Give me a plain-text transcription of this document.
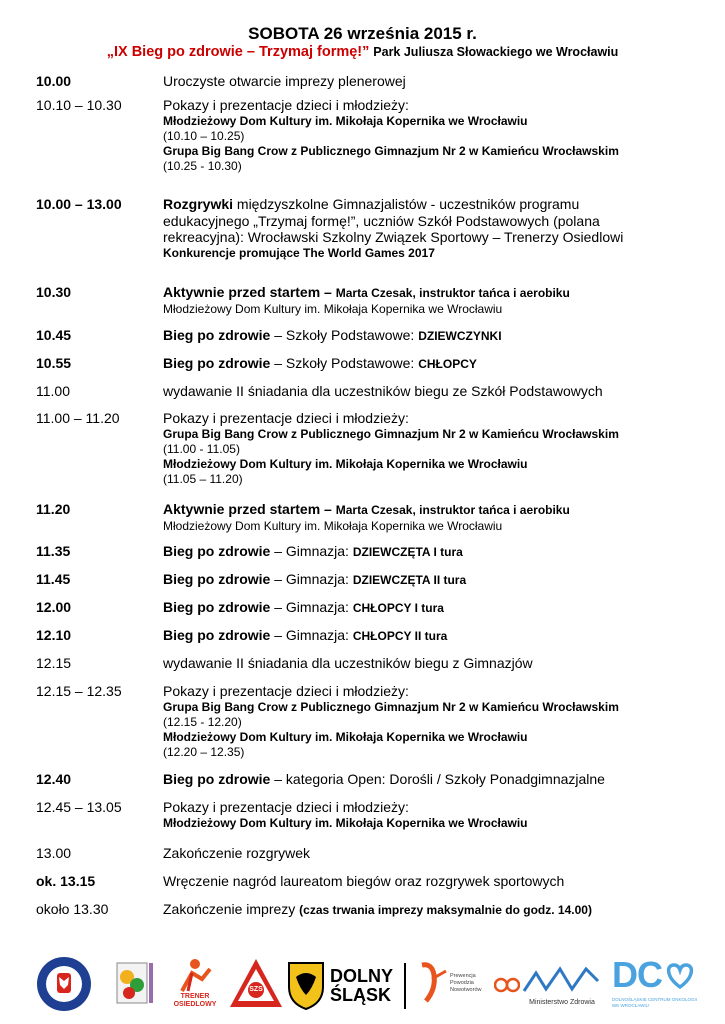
SOBOTA 26 września 2015 r.
„IX Bieg po zdrowie – Trzymaj formę!” Park Juliusza Słowackiego we Wrocławiu
10.00	Uroczyste otwarcie imprezy plenerowej
10.10 – 10.30	Pokazy i prezentacje dzieci i młodzieży:
Młodzieżowy Dom Kultury im. Mikołaja Kopernika we Wrocławiu
(10.10 – 10.25)
Grupa Big Bang Crow z Publicznego Gimnazjum Nr 2 w Kamieńcu Wrocławskim
(10.25 - 10.30)
10.00 – 13.00	Rozgrywki międzyszkolne Gimnazjalistów - uczestników programu
edukacyjnego „Trzymaj formę!”, uczniów Szkół Podstawowych (polana
rekreacyjna): Wrocławski Szkolny Związek Sportowy – Trenerzy Osiedlowi
Konkurencje promujące The World Games 2017
10.30	Aktywnie przed startem – Marta Czesak, instruktor tańca i aerobiku
Młodzieżowy Dom Kultury im. Mikołaja Kopernika we Wrocławiu
10.45	Bieg po zdrowie – Szkoły Podstawowe: DZIEWCZYNKI
10.55	Bieg po zdrowie – Szkoły Podstawowe: CHŁOPCY
11.00	wydawanie II śniadania dla uczestników biegu ze Szkół Podstawowych
11.00 – 11.20	Pokazy i prezentacje dzieci i młodzieży:
Grupa Big Bang Crow z Publicznego Gimnazjum Nr 2 w Kamieńcu Wrocławskim
(11.00 - 11.05)
Młodzieżowy Dom Kultury im. Mikołaja Kopernika we Wrocławiu
(11.05 – 11.20)
11.20	Aktywnie przed startem – Marta Czesak, instruktor tańca i aerobiku
Młodzieżowy Dom Kultury im. Mikołaja Kopernika we Wrocławiu
11.35	Bieg po zdrowie – Gimnazja: DZIEWCZĘTA I tura
11.45	Bieg po zdrowie – Gimnazja: DZIEWCZĘTA II tura
12.00	Bieg po zdrowie – Gimnazja: CHŁOPCY I tura
12.10	Bieg po zdrowie – Gimnazja: CHŁOPCY II tura
12.15	wydawanie II śniadania dla uczestników biegu z Gimnazjów
12.15 – 12.35	Pokazy i prezentacje dzieci i młodzieży:
Grupa Big Bang Crow z Publicznego Gimnazjum Nr 2 w Kamieńcu Wrocławskim
(12.15 - 12.20)
Młodzieżowy Dom Kultury im. Mikołaja Kopernika we Wrocławiu
(12.20 – 12.35)
12.40	Bieg po zdrowie – kategoria Open: Dorośli / Szkoły Ponadgimnazjalne
12.45 – 13.05	Pokazy i prezentacje dzieci i młodzieży:
Młodzieżowy Dom Kultury im. Mikołaja Kopernika we Wrocławiu
13.00	Zakończenie rozgrywek
ok. 13.15	Wręczenie nagród laureatom biegów oraz rozgrywek sportowych
około 13.30	Zakończenie imprezy (czas trwania imprezy maksymalnie do godz. 14.00)
TRENER OSIEDLOWY
SZS
DOLNY
ŚLĄSK
Prewencja Powodzia Nowotworów
Ministerstwo Zdrowia
DC
DOLNOŚLĄSKIE CENTRUM ONKOLOGII WE WROCŁAWIU
